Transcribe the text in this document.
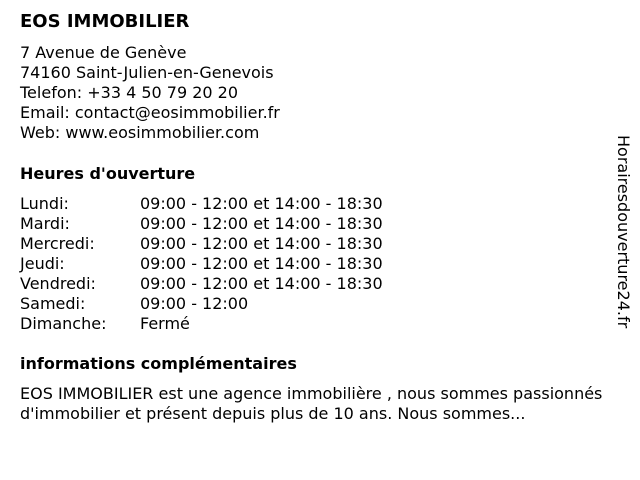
EOS IMMOBILIER
7 Avenue de Genève
74160 Saint-Julien-en-Genevois
Telefon: +33 4 50 79 20 20
Email: contact@eosimmobilier.fr
Web: www.eosimmobilier.com
Heures d'ouverture
Lundi:	09:00 - 12:00 et 14:00 - 18:30
Mardi:	09:00 - 12:00 et 14:00 - 18:30
Mercredi:	09:00 - 12:00 et 14:00 - 18:30
Jeudi:	09:00 - 12:00 et 14:00 - 18:30
Vendredi:	09:00 - 12:00 et 14:00 - 18:30
Samedi:	09:00 - 12:00
Dimanche:	Fermé
informations complémentaires

EOS IMMOBILIER est une agence immobilière , nous sommes passionnés d'immobilier et présent depuis plus de 10 ans. Nous sommes...

Horairesdouverture24.fr
